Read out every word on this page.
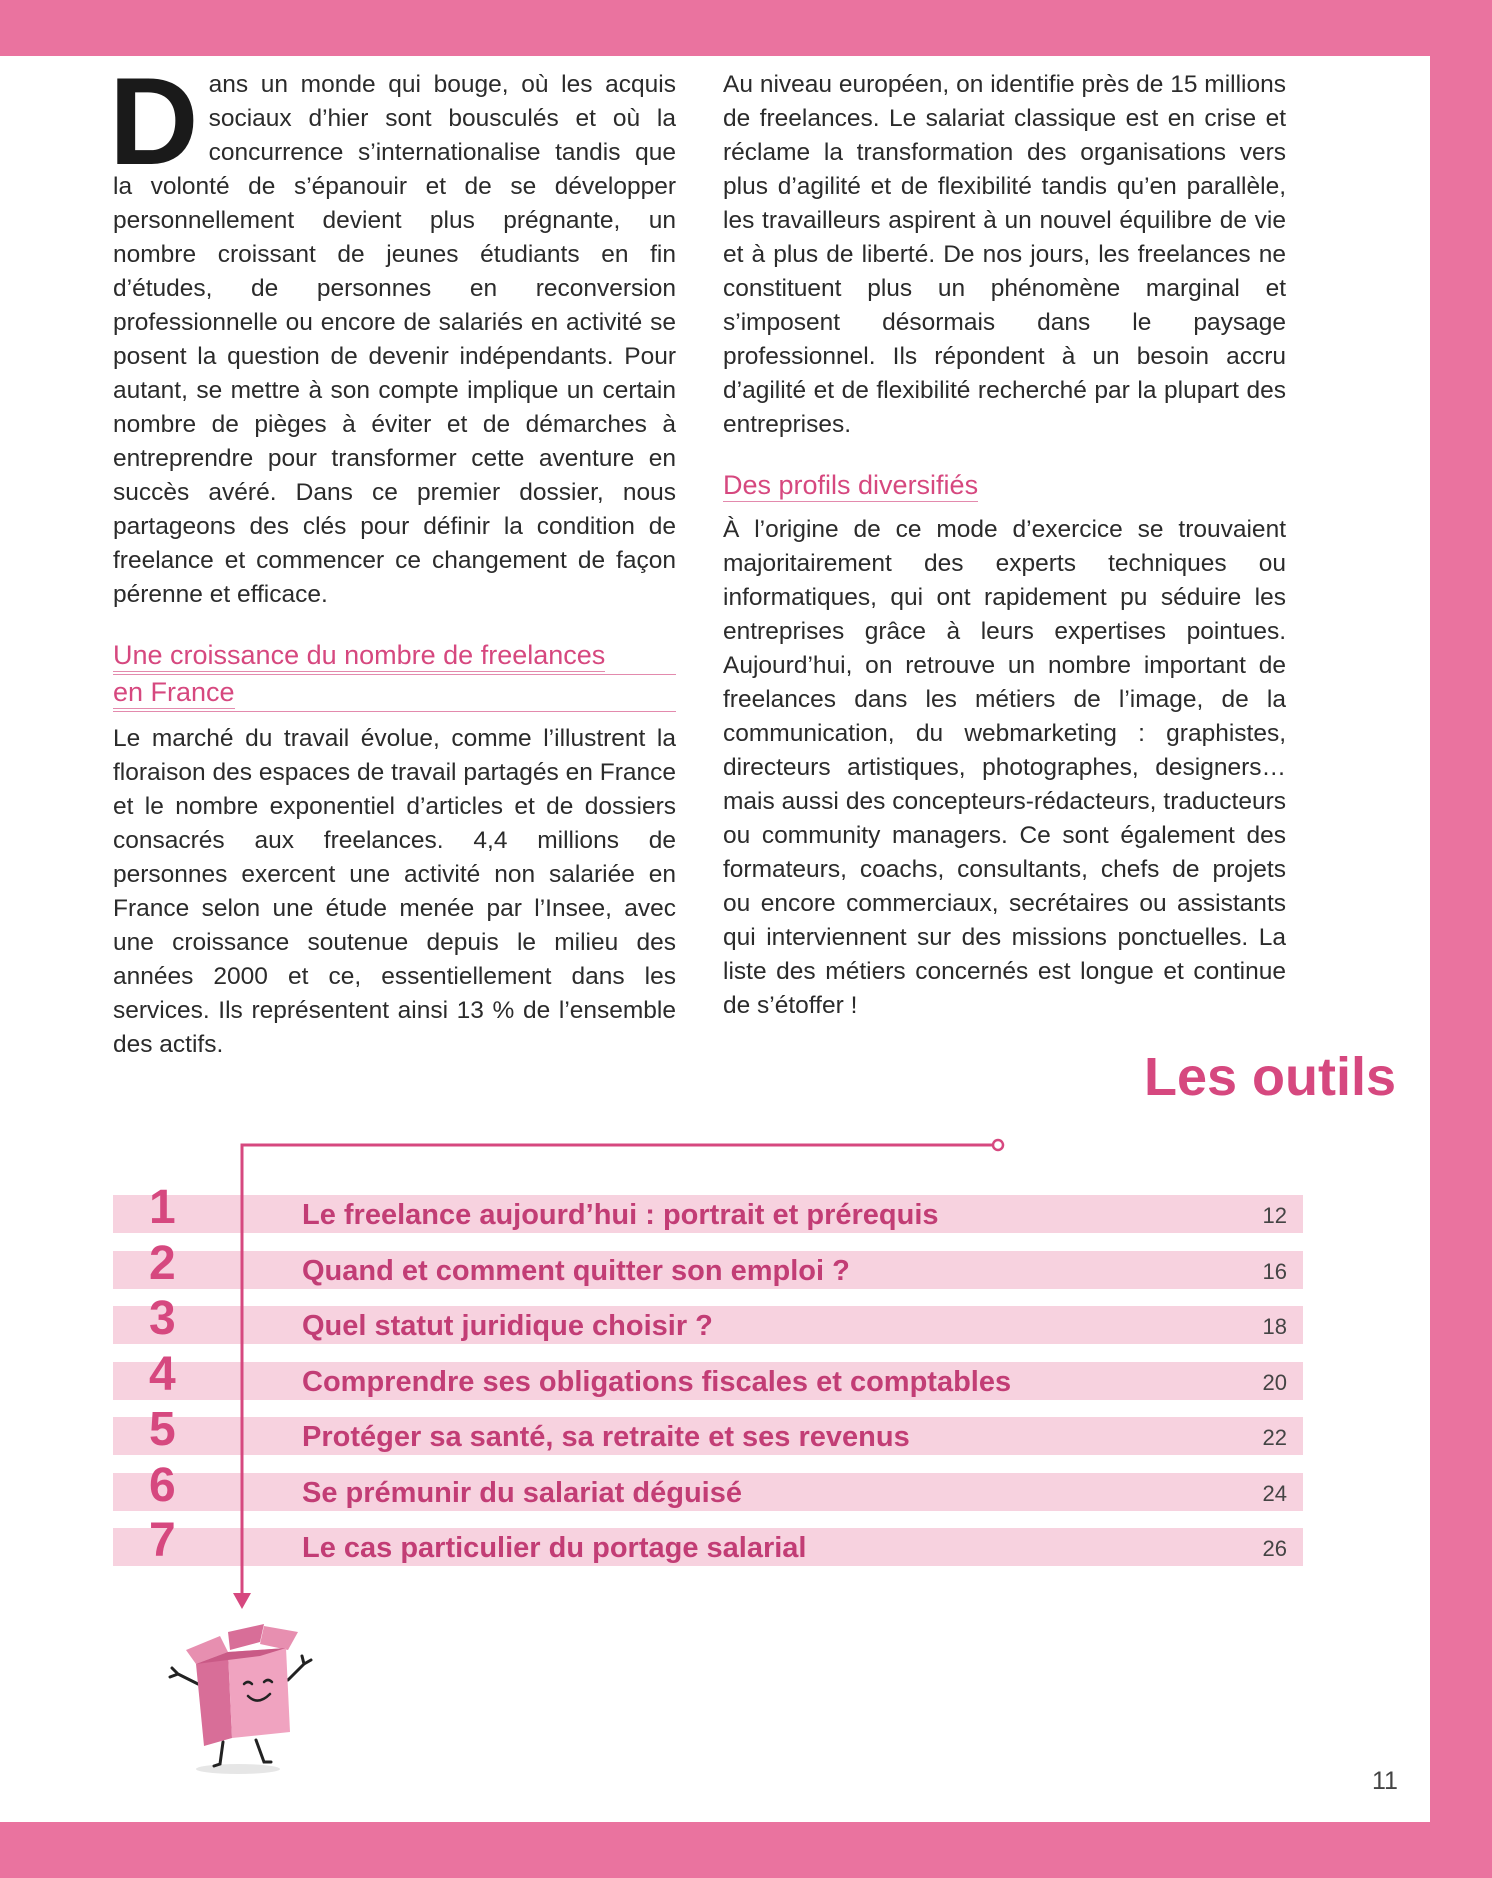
Dans un monde qui bouge, où les acquis sociaux d’hier sont bousculés et où la concurrence s’internationalise tandis que la volonté de s’épanouir et de se développer personnellement devient plus prégnante, un nombre croissant de jeunes étudiants en fin d’études, de personnes en reconversion professionnelle ou encore de salariés en activité se posent la question de devenir indépendants. Pour autant, se mettre à son compte implique un certain nombre de pièges à éviter et de démarches à entreprendre pour transformer cette aventure en succès avéré. Dans ce premier dossier, nous partageons des clés pour définir la condition de freelance et commencer ce changement de façon pérenne et efficace.

Une croissance du nombre de freelances
en France

Le marché du travail évolue, comme l’illustrent la floraison des espaces de travail partagés en France et le nombre exponentiel d’articles et de dossiers consacrés aux freelances. 4,4 millions de personnes exercent une activité non salariée en France selon une étude menée par l’Insee, avec une croissance soutenue depuis le milieu des années 2000 et ce, essentiellement dans les services. Ils représentent ainsi 13 % de l’ensemble des actifs.

Au niveau européen, on identifie près de 15 millions de freelances. Le salariat classique est en crise et réclame la transformation des organisations vers plus d’agilité et de flexibilité tandis qu’en parallèle, les travailleurs aspirent à un nouvel équilibre de vie et à plus de liberté. De nos jours, les freelances ne constituent plus un phénomène marginal et s’imposent désormais dans le paysage professionnel. Ils répondent à un besoin accru d’agilité et de flexibilité recherché par la plupart des entreprises.

Des profils diversifiés

À l’origine de ce mode d’exercice se trouvaient majoritairement des experts techniques ou informatiques, qui ont rapidement pu séduire les entreprises grâce à leurs expertises pointues. Aujourd’hui, on retrouve un nombre important de freelances dans les métiers de l’image, de la communication, du webmarketing : graphistes, directeurs artistiques, photographes, designers… mais aussi des concepteurs-rédacteurs, traducteurs ou community managers. Ce sont également des formateurs, coachs, consultants, chefs de projets ou encore commerciaux, secrétaires ou assistants qui interviennent sur des missions ponctuelles. La liste des métiers concernés est longue et continue de s’étoffer !

Les outils
1	Le freelance aujourd’hui : portrait et prérequis	12
2	Quand et comment quitter son emploi ?	16
3	Quel statut juridique choisir ?	18
4	Comprendre ses obligations fiscales et comptables	20
5	Protéger sa santé, sa retraite et ses revenus	22
6	Se prémunir du salariat déguisé	24
7	Le cas particulier du portage salarial	26
11
